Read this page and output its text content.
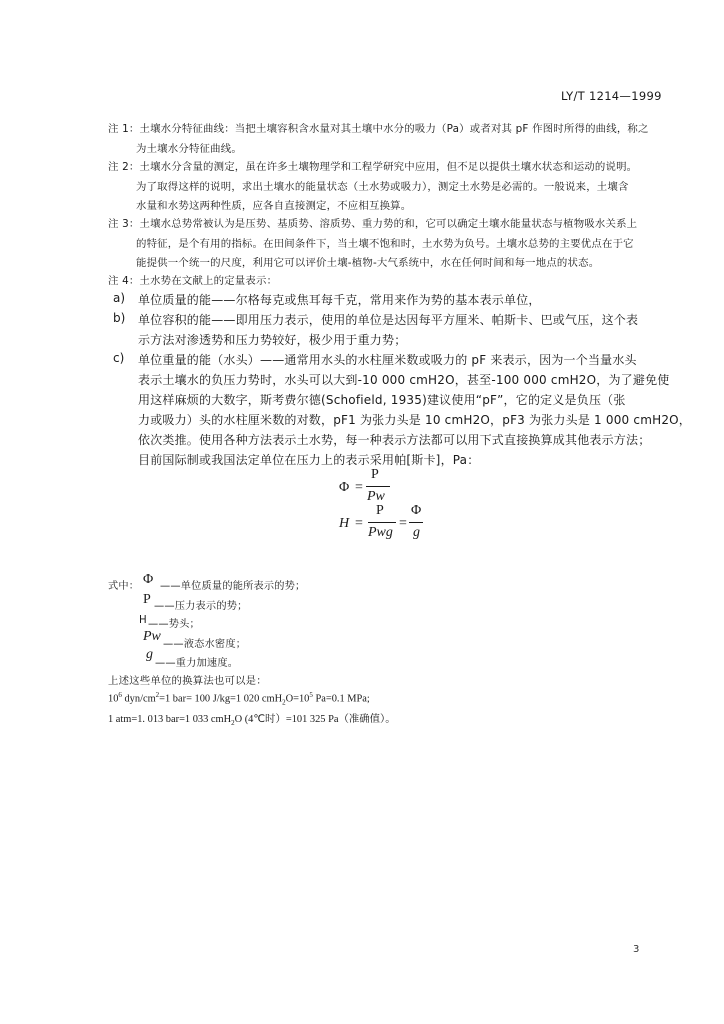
LY/T 1214—1999
注 1：土壤水分特征曲线：当把土壤容积含水量对其土壤中水分的吸力（Pa）或者对其 pF 作图时所得的曲线，称之
为土壤水分特征曲线。
注 2：土壤水分含量的测定，虽在许多土壤物理学和工程学研究中应用，但不足以提供土壤水状态和运动的说明。
为了取得这样的说明，求出土壤水的能量状态（土水势或吸力），测定土水势是必需的。一般说来，土壤含
水量和水势这两种性质，应各自直接测定，不应相互换算。
注 3：土壤水总势常被认为是压势、基质势、溶质势、重力势的和，它可以确定土壤水能量状态与植物吸水关系上
的特征，是个有用的指标。在田间条件下，当土壤不饱和时，土水势为负号。土壤水总势的主要优点在于它
能提供一个统一的尺度，利用它可以评价土壤-植物-大气系统中，水在任何时间和每一地点的状态。
注 4：土水势在文献上的定量表示：
a) 单位质量的能——尔格每克或焦耳每千克，常用来作为势的基本表示单位，
b) 单位容积的能——即用压力表示，使用的单位是达因每平方厘米、帕斯卡、巴或气压，这个表
示方法对渗透势和压力势较好，极少用于重力势；
c) 单位重量的能（水头）——通常用水头的水柱厘米数或吸力的 pF 来表示，因为一个当量水头
表示土壤水的负压力势时，水头可以大到-10 000 cmH2O，甚至-100 000 cmH2O，为了避免使
用这样麻烦的大数字，斯考费尔德(Schofield, 1935)建议使用“pF”，它的定义是负压（张
力或吸力）头的水柱厘米数的对数，pF1 为张力头是 10 cmH2O，pF3 为张力头是 1 000 cmH2O，
依次类推。使用各种方法表示土水势，每一种表示方法都可以用下式直接换算成其他表示方法；
目前国际制或我国法定单位在压力上的表示采用帕[斯卡]，Pa：
Φ =
P
Pw
H =
P
Pwg
=
Φ
g
式中： Φ ——单位质量的能所表示的势；
P ——压力表示的势；
H ——势头；
Pw
——液态水密度；
g
——重力加速度。
上述这些单位的换算法也可以是：
$10^6$ dyn/$cm^2=1$ bar= 100 J/kg=1 020 $cmH_2O=10^5$ Pa=0.1 MPa;
1 atm=1. 013 bar=1 033 cmH$_2$O (4℃时）=101 325 Pa（准确值）。
3
